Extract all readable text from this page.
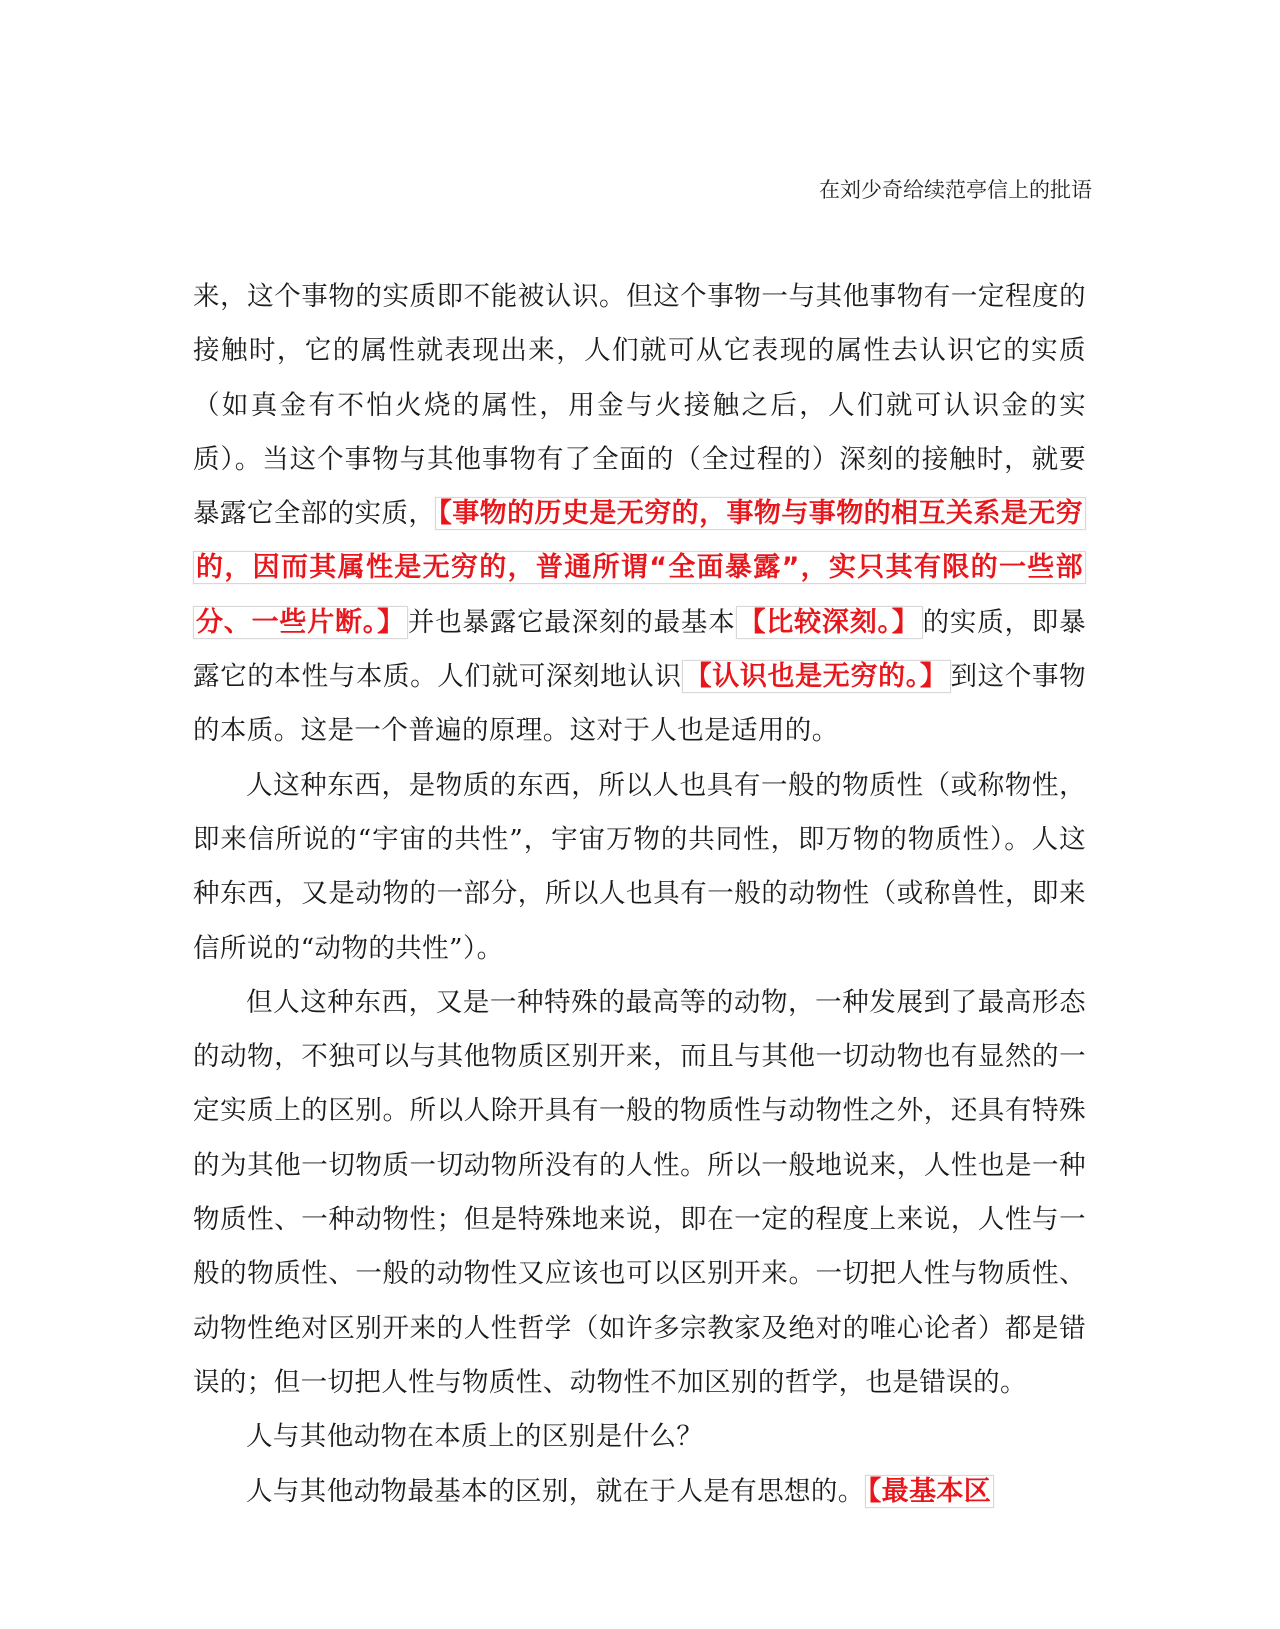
在刘少奇给续范亭信上的批语

来，这个事物的实质即不能被认识。但这个事物一与其他事物有一定程度的接触时，它的属性就表现出来，人们就可从它表现的属性去认识它的实质（如真金有不怕火烧的属性，用金与火接触之后，人们就可认识金的实质）。当这个事物与其他事物有了全面的（全过程的）深刻的接触时，就要暴露它全部的实质， 【事物的历史是无穷的，事物与事物的相互关系是无穷的，因而其属性是无穷的，普通所谓“全面暴露”，实只其有限的一些部分、一些片断。】 并也暴露它最深刻的最基本 【比较深刻。】 的实质，即暴露它的本性与本质。人们就可深刻地认识 【认识也是无穷的。】 到这个事物的本质。这是一个普遍的原理。这对于人也是适用的。

人这种东西，是物质的东西，所以人也具有一般的物质性（或称物性，即来信所说的“宇宙的共性”，宇宙万物的共同性，即万物的物质性）。人这种东西，又是动物的一部分，所以人也具有一般的动物性（或称兽性，即来信所说的“动物的共性”）。

但人这种东西，又是一种特殊的最高等的动物，一种发展到了最高形态的动物，不独可以与其他物质区别开来，而且与其他一切动物也有显然的一定实质上的区别。所以人除开具有一般的物质性与动物性之外，还具有特殊的为其他一切物质一切动物所没有的人性。所以一般地说来，人性也是一种物质性、一种动物性；但是特殊地来说，即在一定的程度上来说，人性与一般的物质性、一般的动物性又应该也可以区别开来。一切把人性与物质性、动物性绝对区别开来的人性哲学（如许多宗教家及绝对的唯心论者）都是错误的；但一切把人性与物质性、动物性不加区别的哲学，也是错误的。

人与其他动物在本质上的区别是什么？

人与其他动物最基本的区别，就在于人是有思想的。 【最基本区
